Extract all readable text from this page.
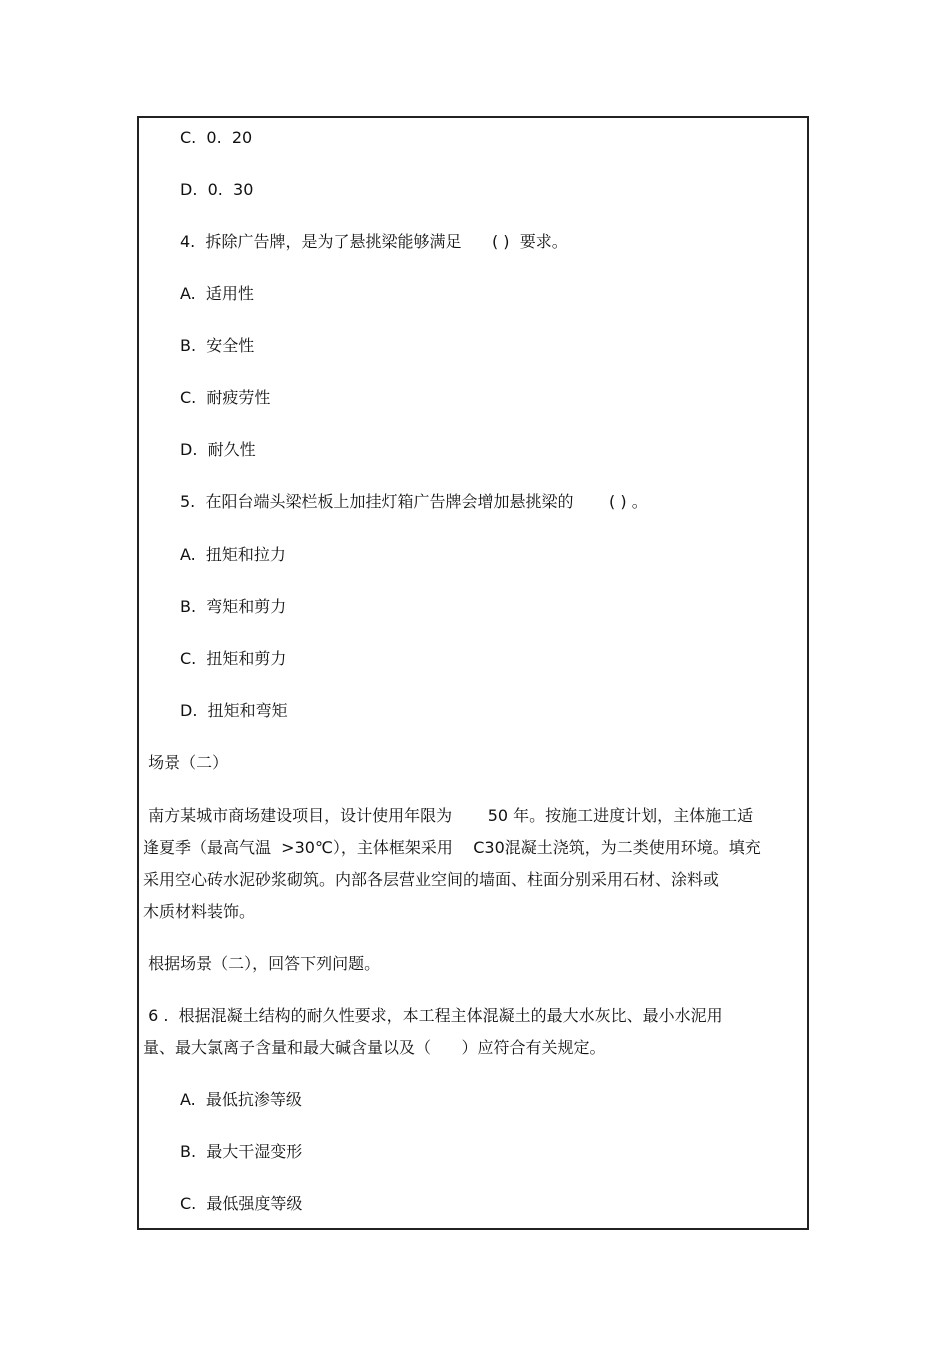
C.  0.  20
D.  0.  30
4.  拆除广告牌，是为了悬挑梁能够满足      ( )  要求。
A.  适用性
B.  安全性
C.  耐疲劳性
D.  耐久性
5.  在阳台端头梁栏板上加挂灯箱广告牌会增加悬挑梁的       ( ) 。
A.  扭矩和拉力
B.  弯矩和剪力
C.  扭矩和剪力
D.  扭矩和弯矩
场景（二）
南方某城市商场建设项目，设计使用年限为       50 年。按施工进度计划，主体施工适
逢夏季（最高气温  >30℃），主体框架采用    C30混凝土浇筑，为二类使用环境。填充
采用空心砖水泥砂浆砌筑。内部各层营业空间的墙面、柱面分别采用石材、涂料或
木质材料装饰。
根据场景（二），回答下列问题。
6 .  根据混凝土结构的耐久性要求，本工程主体混凝土的最大水灰比、最小水泥用
量、最大氯离子含量和最大碱含量以及（      ）应符合有关规定。
A.  最低抗渗等级
B.  最大干湿变形
C.  最低强度等级
